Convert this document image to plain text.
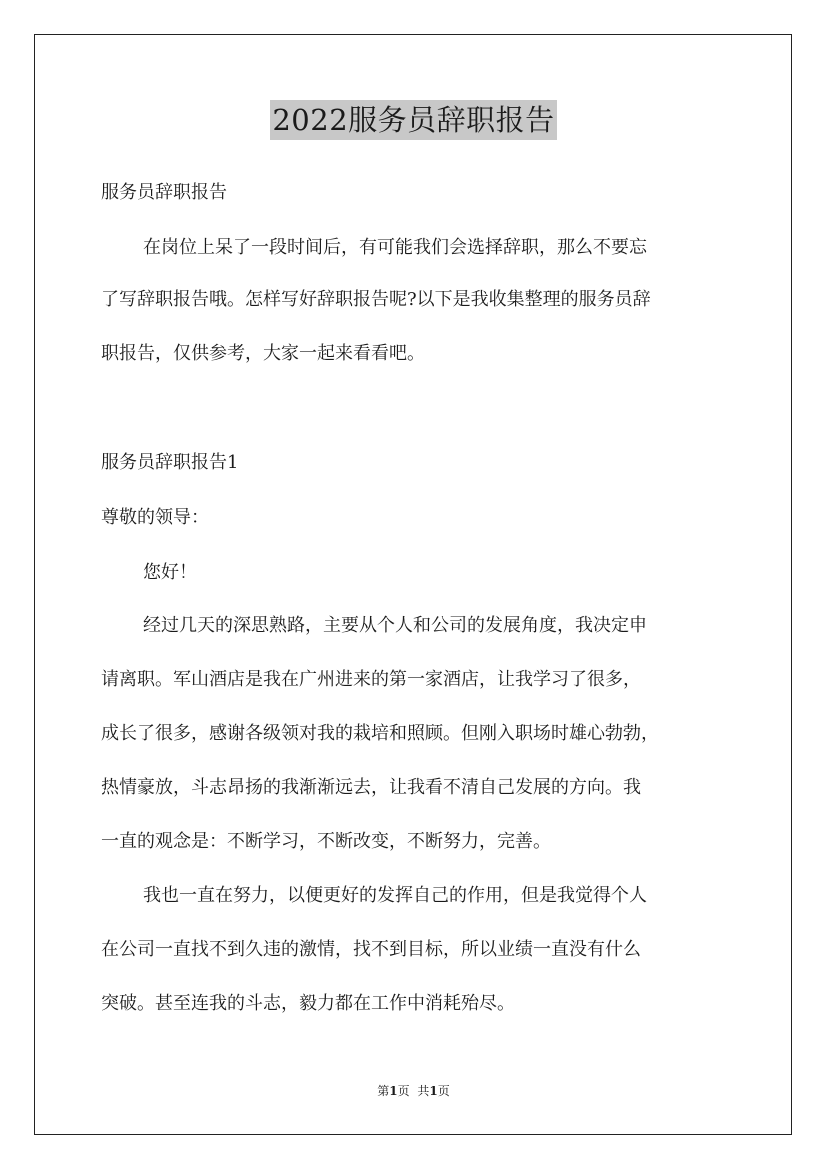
2022服务员辞职报告
服务员辞职报告
在岗位上呆了一段时间后，有可能我们会选择辞职，那么不要忘
了写辞职报告哦。怎样写好辞职报告呢?以下是我收集整理的服务员辞
职报告，仅供参考，大家一起来看看吧。
服务员辞职报告1
尊敬的领导：
您好！
经过几天的深思熟路，主要从个人和公司的发展角度，我决定申
请离职。军山酒店是我在广州进来的第一家酒店，让我学习了很多，
成长了很多，感谢各级领对我的栽培和照顾。但刚入职场时雄心勃勃，
热情豪放，斗志昂扬的我渐渐远去，让我看不清自己发展的方向。我
一直的观念是：不断学习，不断改变，不断努力，完善。
我也一直在努力，以便更好的发挥自己的作用，但是我觉得个人
在公司一直找不到久违的激情，找不到目标，所以业绩一直没有什么
突破。甚至连我的斗志，毅力都在工作中消耗殆尽。
第1页 共1页
